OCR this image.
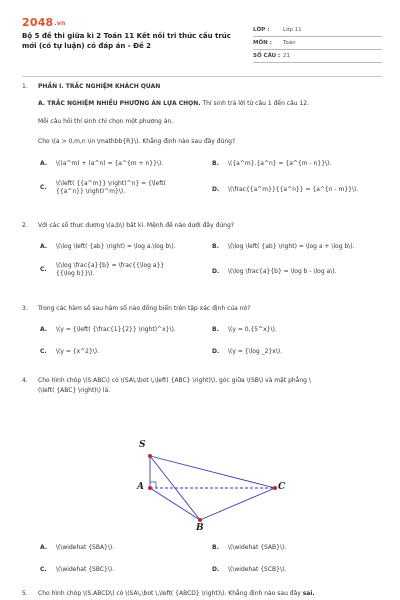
2048.vn
Bộ 5 đề thi giữa kì 2 Toán 11 Kết nối tri thức cấu trúc mới (có tự luận) có đáp án - Đề 2
LỚP :	Lớp 11
MÔN :	Toán
SỐ CÂU : 21
1. PHẦN I. TRẮC NGHIỆM KHÁCH QUAN
A. TRẮC NGHIỆM NHIỀU PHƯƠNG ÁN LỰA CHỌN. Thí sinh trả lời từ câu 1 đến câu 12.
Mỗi câu hỏi thí sinh chỉ chọn một phương án.
Cho \(a > 0,m,n \in \mathbb{R}\). Khẳng định nào sau đây đúng?
A. \((a^m) + (a^n) = {a^{m + n}}\).	B. \({a^m}.{a^n} = {a^{m - n}}\).
C.
\(\left( {{a^m}} \right)^n} = {\left( {{a^n}} \right)^m}\).	D. \(\frac{{a^m}}{{a^n}} = {a^{n - m}}\).
2. Với các số thực dương \(a,b\) bất kì. Mệnh đề nào dưới đây đúng?
A. \(\log \left( {ab} \right) = \log a.\log b\).	B. \(\log \left( {ab} \right) = \log a + \log b\).
C.
\(\log \frac{a}{b} = \frac{{\log a}}{{\log b}}\).	D. \(\log \frac{a}{b} = \log b - \log a\).
3. Trong các hàm số sau hàm số nào đồng biến trên tập xác định của nó?
A. \(y = {\left( {\frac{1}{2}} \right)^x}\).	B. \(y = 0,{5^x}\).
C. \(y = {x^2}\).	D. \(y = {\log _2}x\).
4. Cho hình chóp \(S.ABC\) có \(SA\,\bot \,\left( {ABC} \right)\), góc giữa \(SB\) và mặt phẳng \
(\left( {ABC} \right)\) là.
S
A
B
C
A. \(\widehat {SBA}\).	B. \(\widehat {SAB}\).
C. \(\widehat {SBC}\).	D. \(\widehat {SCB}\).
5. Cho hình chóp \(S.ABCD\) có \(SA\,\bot \,\left( {ABCD} \right)\). Khẳng định nào sau đây sai.
